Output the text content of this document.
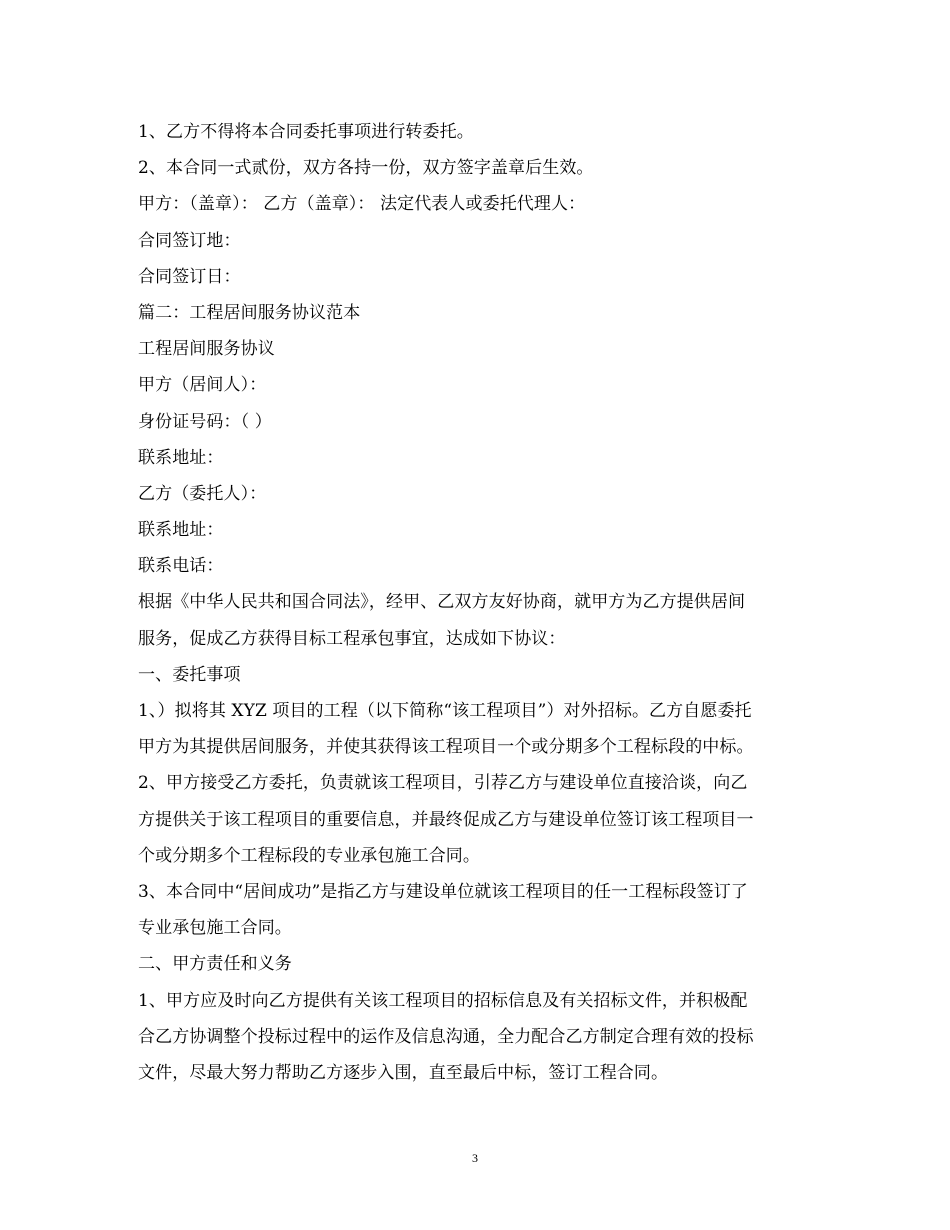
1、乙方不得将本合同委托事项进行转委托。
2、本合同一式贰份，双方各持一份，双方签字盖章后生效。
甲方：（盖章）： 乙方（盖章）： 法定代表人或委托代理人：
合同签订地：
合同签订日：
篇二：工程居间服务协议范本
工程居间服务协议
甲方（居间人）：
身份证号码：（ ）
联系地址：
乙方（委托人）：
联系地址：
联系电话：
根据《中华人民共和国合同法》，经甲、乙双方友好协商，就甲方为乙方提供居间
服务，促成乙方获得目标工程承包事宜，达成如下协议：
一、委托事项
1、）拟将其 XYZ 项目的工程（以下简称“该工程项目”）对外招标。乙方自愿委托
甲方为其提供居间服务，并使其获得该工程项目一个或分期多个工程标段的中标。
2、甲方接受乙方委托，负责就该工程项目，引荐乙方与建设单位直接洽谈，向乙
方提供关于该工程项目的重要信息，并最终促成乙方与建设单位签订该工程项目一
个或分期多个工程标段的专业承包施工合同。
3、本合同中“居间成功”是指乙方与建设单位就该工程项目的任一工程标段签订了
专业承包施工合同。
二、甲方责任和义务
1、甲方应及时向乙方提供有关该工程项目的招标信息及有关招标文件，并积极配
合乙方协调整个投标过程中的运作及信息沟通，全力配合乙方制定合理有效的投标
文件，尽最大努力帮助乙方逐步入围，直至最后中标，签订工程合同。
3
